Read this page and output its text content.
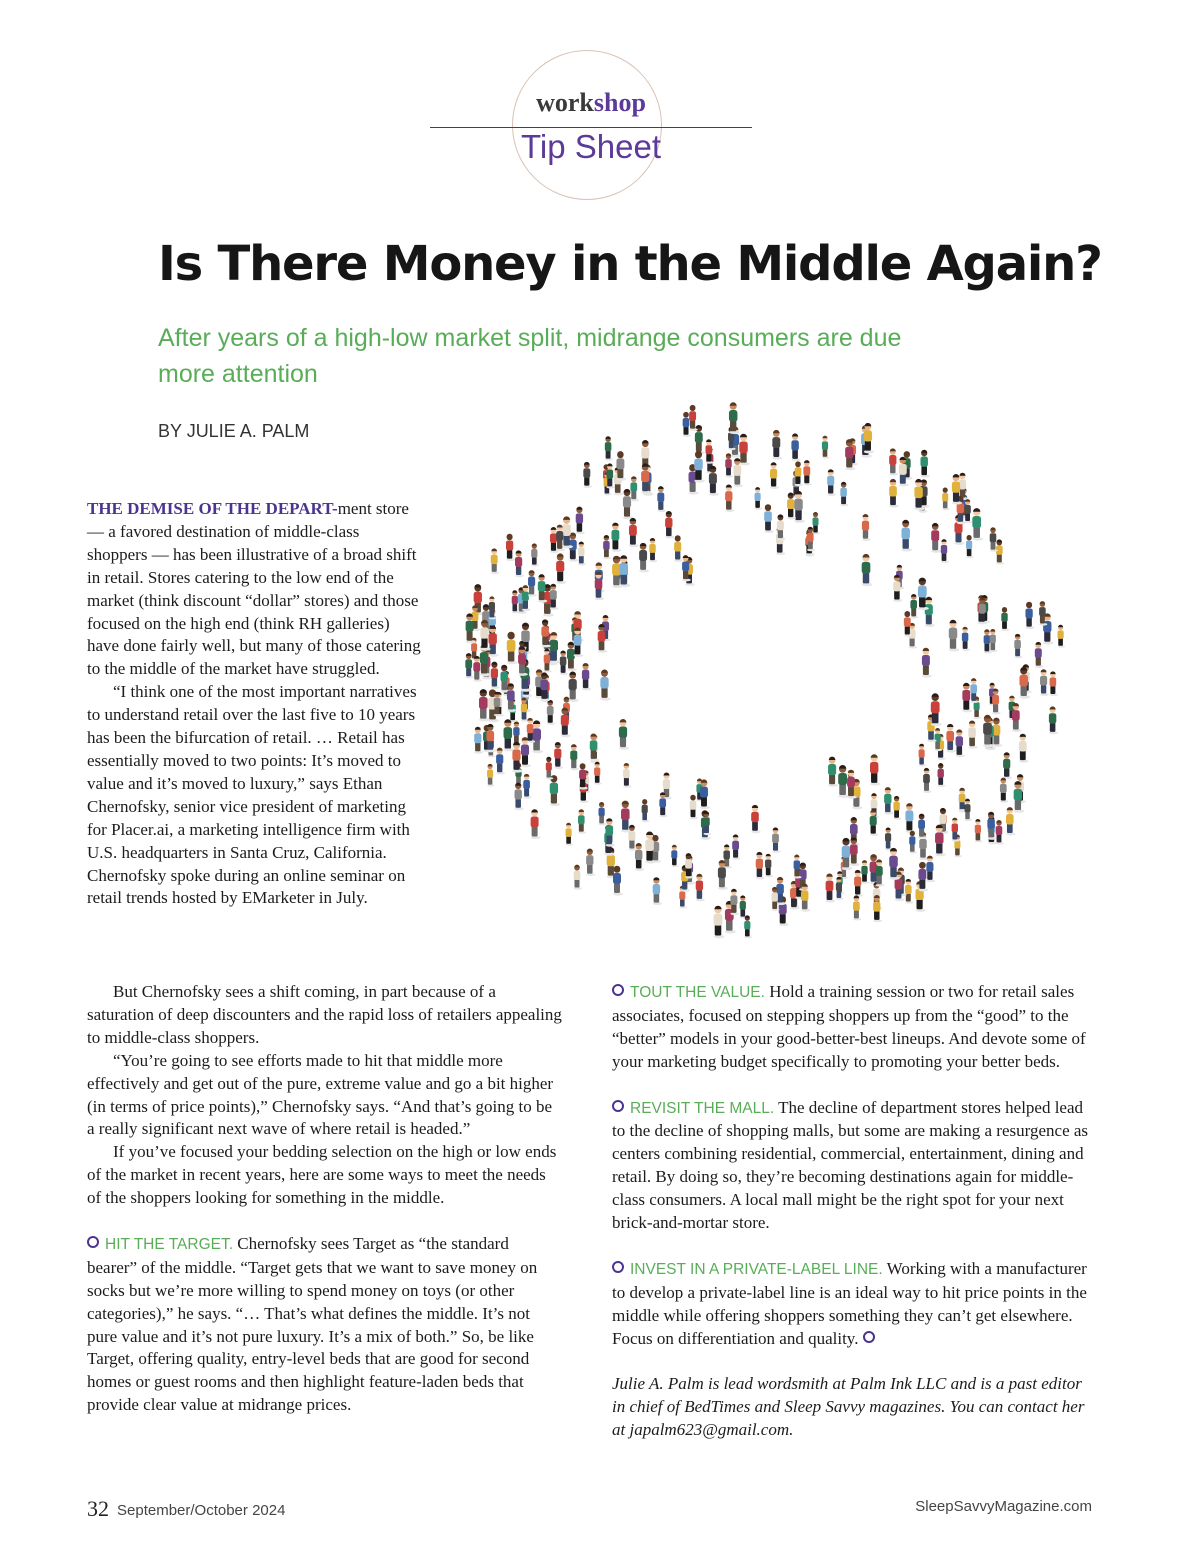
workshop
Tip Sheet
Is There Money in the Middle Again?

After years of a high-low market split, midrange consumers are due more attention

BY JULIE A. PALM

THE DEMISE OF THE DEPART-ment store — a favored destination of middle-class shoppers — has been illustrative of a broad shift in retail. Stores catering to the low end of the market (think discount “dollar” stores) and those focused on the high end (think RH galleries) have done fairly well, but many of those catering to the middle of the market have struggled.

“I think one of the most important narratives to understand retail over the last five to 10 years has been the bifurcation of retail. … Retail has essentially moved to two points: It’s moved to value and it’s moved to luxury,” says Ethan Chernofsky, senior vice president of marketing for Placer.ai, a marketing intelligence firm with U.S. headquarters in Santa Cruz, California. Chernofsky spoke during an online seminar on retail trends hosted by EMarketer in July.

But Chernofsky sees a shift coming, in part because of a saturation of deep discounters and the rapid loss of retailers appealing to middle-class shoppers.

“You’re going to see efforts made to hit that middle more effectively and get out of the pure, extreme value and go a bit higher (in terms of price points),” Chernofsky says. “And that’s going to be a really significant next wave of where retail is headed.”

If you’ve focused your bedding selection on the high or low ends of the market in recent years, here are some ways to meet the needs of the shoppers looking for something in the middle.

HIT THE TARGET. Chernofsky sees Target as “the standard bearer” of the middle. “Target gets that we want to save money on socks but we’re more willing to spend money on toys (or other categories),” he says. “… That’s what defines the middle. It’s not pure value and it’s not pure luxury. It’s a mix of both.” So, be like Target, offering quality, entry-level beds that are good for second homes or guest rooms and then highlight feature-laden beds that provide clear value at midrange prices.

TOUT THE VALUE. Hold a training session or two for retail sales associates, focused on stepping shoppers up from the “good” to the “better” models in your good-better-best lineups. And devote some of your marketing budget specifically to promoting your better beds.

REVISIT THE MALL. The decline of department stores helped lead to the decline of shopping malls, but some are making a resurgence as centers combining residential, commercial, entertainment, dining and retail. By doing so, they’re becoming destinations again for middle-class consumers. A local mall might be the right spot for your next brick-and-mortar store.

INVEST IN A PRIVATE-LABEL LINE. Working with a manufacturer to develop a private-label line is an ideal way to hit price points in the middle while offering shoppers something they can’t get elsewhere. Focus on differentiation and quality.

Julie A. Palm is lead wordsmith at Palm Ink LLC and is a past editor in chief of BedTimes and Sleep Savvy magazines. You can contact her at japalm623@gmail.com.

32 September/October 2024	SleepSavvyMagazine.com
